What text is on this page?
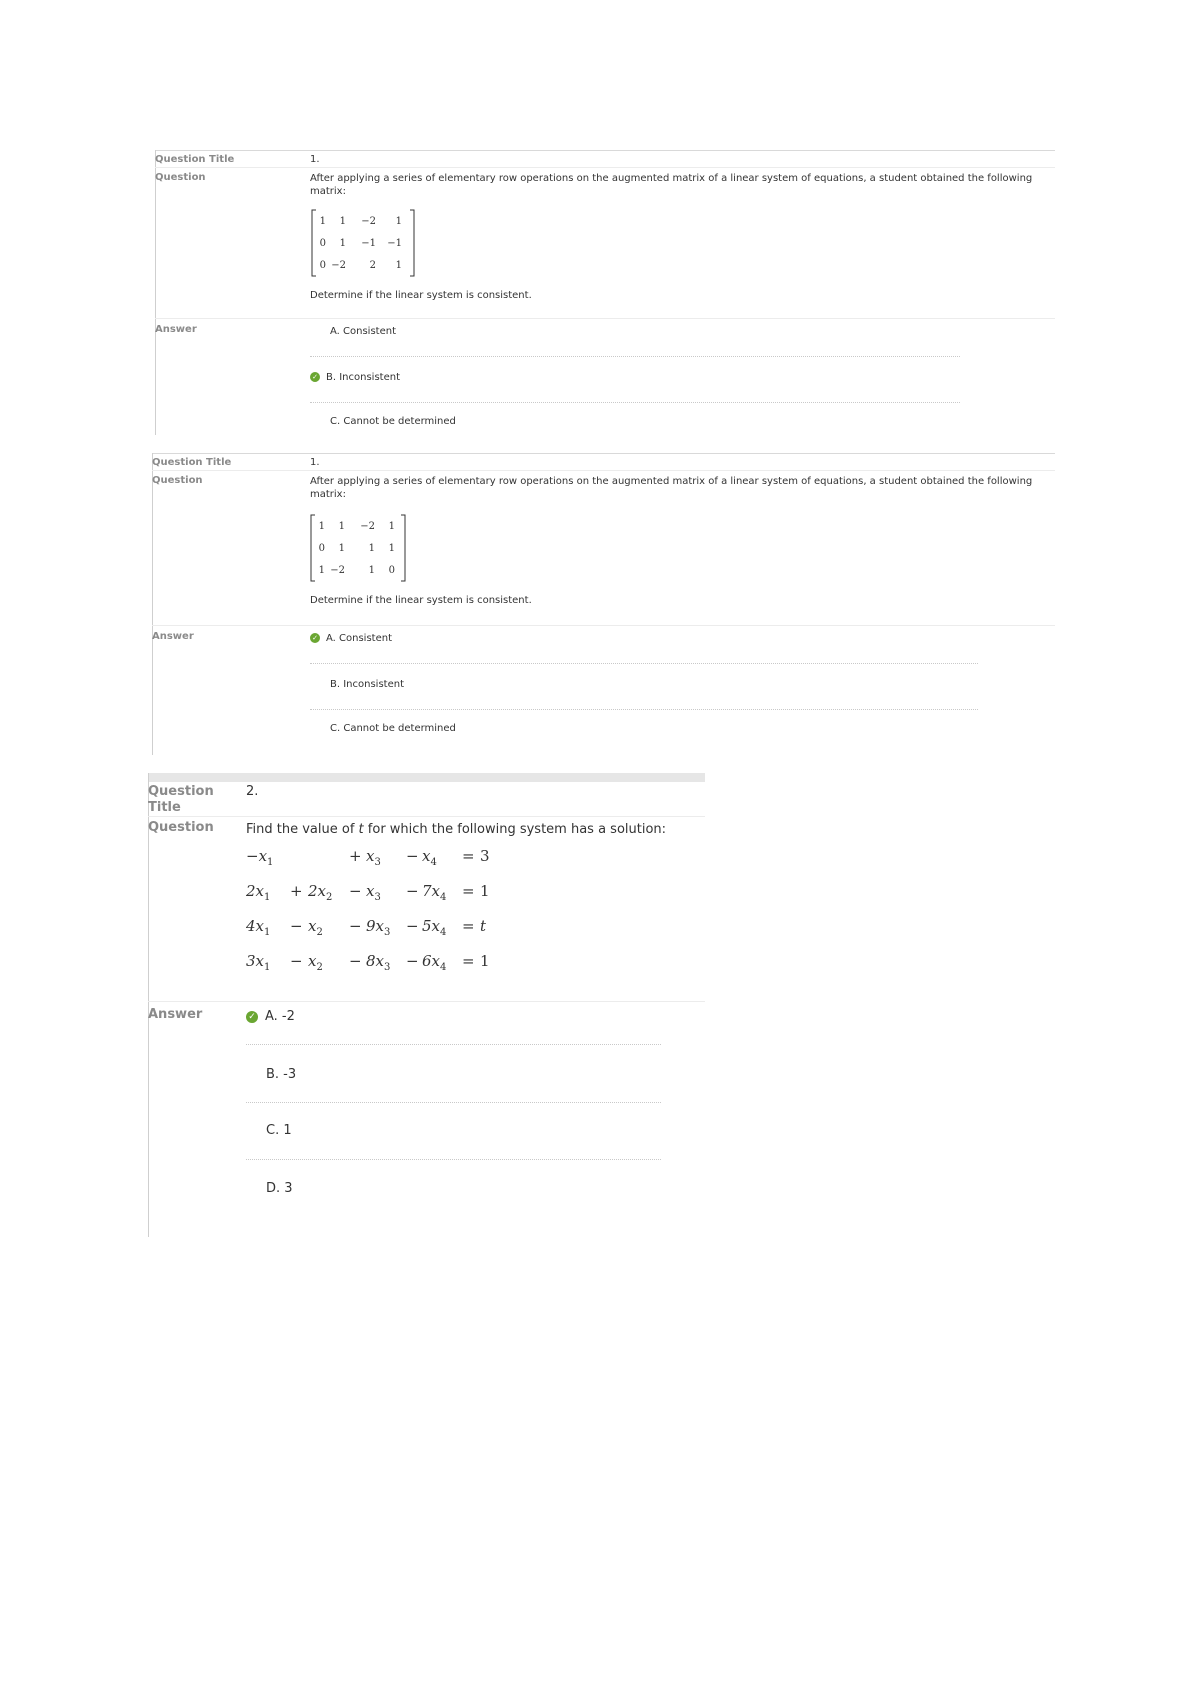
Question Title	1.
Question	After applying a series of elementary row operations on the augmented matrix of a linear system of equations, a student obtained the following matrix:
1 1 −2 1
0 1 −1 −1
0 −2 2 1
Determine if the linear system is consistent.
Answer	A. Consistent
✓ B. Inconsistent
C. Cannot be determined
Question Title	1.
Question	After applying a series of elementary row operations on the augmented matrix of a linear system of equations, a student obtained the following matrix:
1 1 −2 1
0 1 1 1
1 −2 1 0
Determine if the linear system is consistent.
Answer	✓ A. Consistent
B. Inconsistent
C. Cannot be determined
Question
Title
2.
Question Find the value of t for which the following system has a solution:
$-x_1$	+ $x_3 - x_4 = 3$
$2x_1 + 2x_2 - x_3 - 7x_4 = 1$
$4x_1 - x_2 - 9x_3 - 5x_4 = t$
$3x_1 - x_2 - 8x_3 - 6x_4 = 1$
Answer	✓ A. -2
B. -3
C. 1
D. 3
